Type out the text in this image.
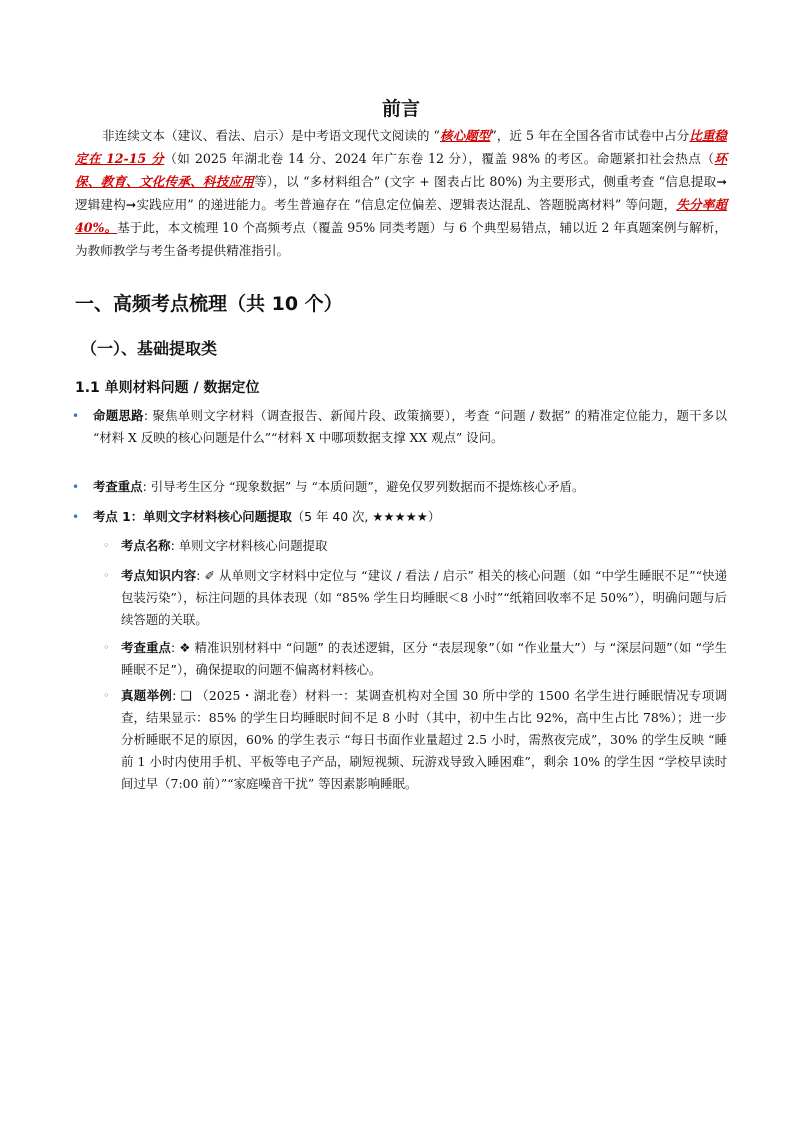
前言

非连续文本（建议、看法、启示）是中考语文现代文阅读的 “核心题型”，近 5 年在全国各省市试卷中占分比重稳定在 12-15 分（如 2025 年湖北卷 14 分、2024 年广东卷 12 分），覆盖 98% 的考区。命题紧扣社会热点（环保、教育、文化传承、科技应用等），以 “多材料组合” (文字 + 图表占比 80%) 为主要形式，侧重考查 “信息提取➞逻辑建构➞实践应用” 的递进能力。考生普遍存在 “信息定位偏差、逻辑表达混乱、答题脱离材料” 等问题，失分率超 40%。基于此，本文梳理 10 个高频考点（覆盖 95% 同类考题）与 6 个典型易错点，辅以近 2 年真题案例与解析，为教师教学与考生备考提供精准指引。

一、高频考点梳理（共 10 个）
（一）、基础提取类
1.1 单则材料问题 / 数据定位
• 命题思路: 聚焦单则文字材料（调查报告、新闻片段、政策摘要），考查 “问题 / 数据” 的精准定位能力，题干多以 “材料 X 反映的核心问题是什么”“材料 X 中哪项数据支撑 XX 观点” 设问。
• 考查重点: 引导考生区分 “现象数据” 与 “本质问题”，避免仅罗列数据而不提炼核心矛盾。
• 考点 1：单则文字材料核心问题提取（5 年 40 次, ★★★★★）
◦ 考点名称: 单则文字材料核心问题提取
◦ 考点知识内容: ✐ 从单则文字材料中定位与 “建议 / 看法 / 启示” 相关的核心问题（如 “中学生睡眠不足”“快递包装污染”），标注问题的具体表现（如 “85% 学生日均睡眠＜8 小时”“纸箱回收率不足 50%”），明确问题与后续答题的关联。
◦ 考查重点: ❖ 精准识别材料中 “问题” 的表述逻辑，区分 “表层现象”（如 “作业量大”）与 “深层问题”（如 “学生睡眠不足”），确保提取的问题不偏离材料核心。
◦ 真题举例: ❑ （2025・湖北卷）材料一：某调查机构对全国 30 所中学的 1500 名学生进行睡眠情况专项调查，结果显示：85% 的学生日均睡眠时间不足 8 小时（其中，初中生占比 92%，高中生占比 78%）；进一步分析睡眠不足的原因，60% 的学生表示 “每日书面作业量超过 2.5 小时，需熬夜完成”，30% 的学生反映 “睡前 1 小时内使用手机、平板等电子产品，刷短视频、玩游戏导致入睡困难”，剩余 10% 的学生因 “学校早读时间过早（7:00 前）”“家庭噪音干扰” 等因素影响睡眠。
